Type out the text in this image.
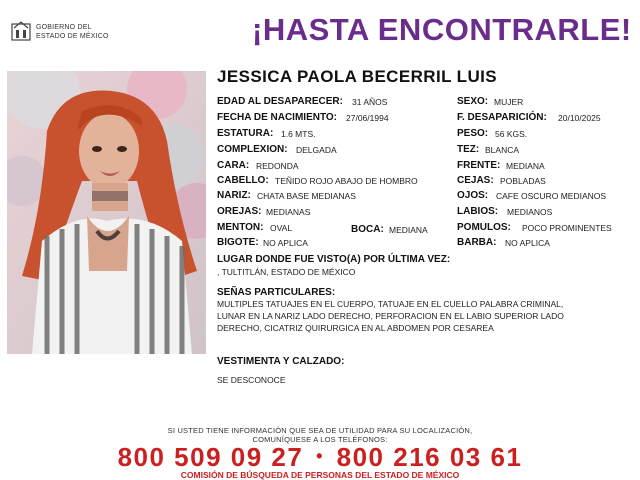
GOBIERNO DEL
ESTADO DE MÉXICO	¡HASTA ENCONTRARLE!
JESSICA PAOLA BECERRIL LUIS
EDAD AL DESAPARECER: 31 AÑOS
FECHA DE NACIMIENTO: 27/06/1994
ESTATURA: 1.6 MTS.
COMPLEXION: DELGADA
CARA: REDONDA
CABELLO: TEÑIDO ROJO ABAJO DE HOMBRO
NARIZ: CHATA BASE MEDIANAS
OREJAS: MEDIANAS
MENTON: OVAL	BOCA: MEDIANA
BIGOTE: NO APLICA
SEXO: MUJER
F. DESAPARICIÓN: 20/10/2025
PESO: 56 KGS.
TEZ: BLANCA
FRENTE: MEDIANA
CEJAS: POBLADAS
OJOS: CAFE OSCURO MEDIANOS
LABIOS: MEDIANOS
POMULOS: POCO PROMINENTES
BARBA: NO APLICA
LUGAR DONDE FUE VISTO(A) POR ÚLTIMA VEZ:
, TULTITLÁN, ESTADO DE MÉXICO
SEÑAS PARTICULARES:
MULTIPLES TATUAJES EN EL CUERPO, TATUAJE EN EL CUELLO PALABRA CRIMINAL,
LUNAR EN LA NARIZ LADO DERECHO, PERFORACION EN EL LABIO SUPERIOR LADO
DERECHO, CICATRIZ QUIRURGICA EN AL ABDOMEN POR CESAREA
VESTIMENTA Y CALZADO:
SE DESCONOCE
SI USTED TIENE INFORMACIÓN QUE SEA DE UTILIDAD PARA SU LOCALIZACIÓN,
COMUNÍQUESE A LOS TELÉFONOS:
800 509 09 27 • 800 216 03 61
COMISIÓN DE BÚSQUEDA DE PERSONAS DEL ESTADO DE MÉXICO
